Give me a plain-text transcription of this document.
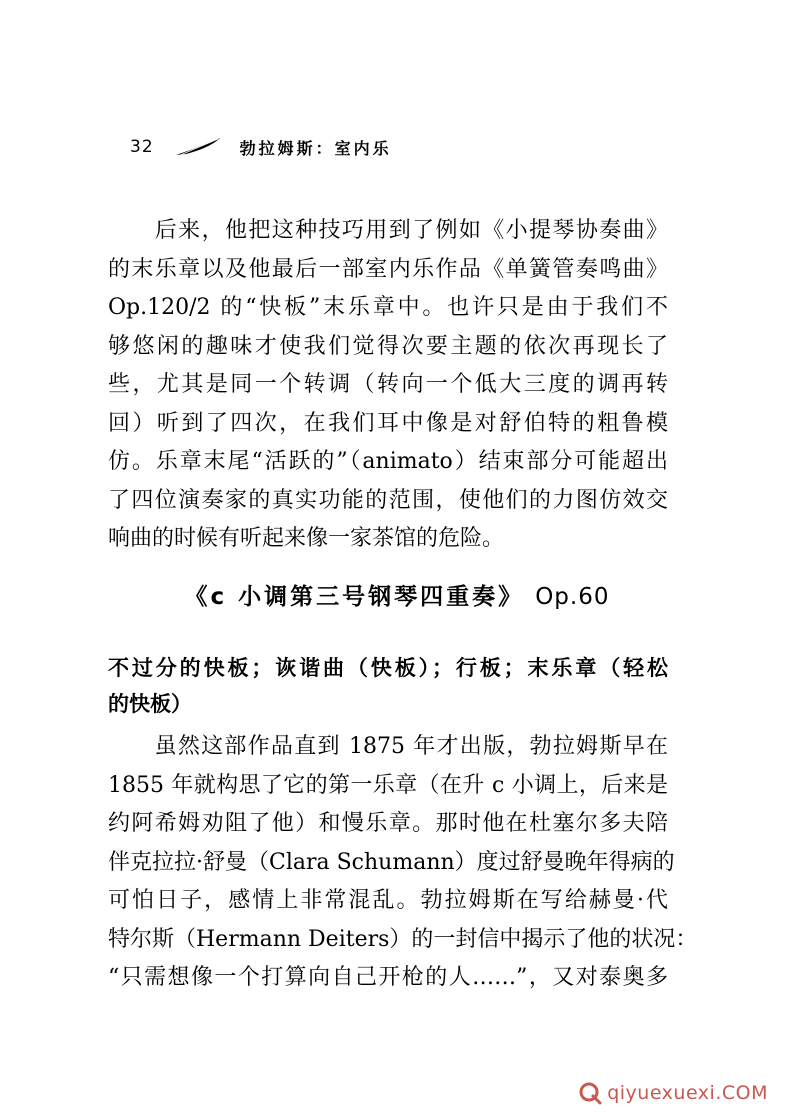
32	勃拉姆斯：室内乐
　　后来，他把这种技巧用到了例如《小提琴协奏曲》
的末乐章以及他最后一部室内乐作品《单簧管奏鸣曲》
Op.120/2 的“快板”末乐章中。也许只是由于我们不
够悠闲的趣味才使我们觉得次要主题的依次再现长了
些，尤其是同一个转调（转向一个低大三度的调再转
回）听到了四次，在我们耳中像是对舒伯特的粗鲁模
仿。乐章末尾“活跃的”（animato）结束部分可能超出
了四位演奏家的真实功能的范围，使他们的力图仿效交
响曲的时候有听起来像一家茶馆的危险。
《c 小调第三号钢琴四重奏》 Op.60
不过分的快板；诙谐曲（快板）；行板；末乐章（轻松
的快板）
　　虽然这部作品直到 1875 年才出版，勃拉姆斯早在
1855 年就构思了它的第一乐章（在升 c 小调上，后来是
约阿希姆劝阻了他）和慢乐章。那时他在杜塞尔多夫陪
伴克拉拉·舒曼（Clara Schumann）度过舒曼晚年得病的
可怕日子，感情上非常混乱。勃拉姆斯在写给赫曼·代
特尔斯（Hermann Deiters）的一封信中揭示了他的状况：
“只需想像一个打算向自己开枪的人……”，又对泰奥多
qiyuexuexi.COM
